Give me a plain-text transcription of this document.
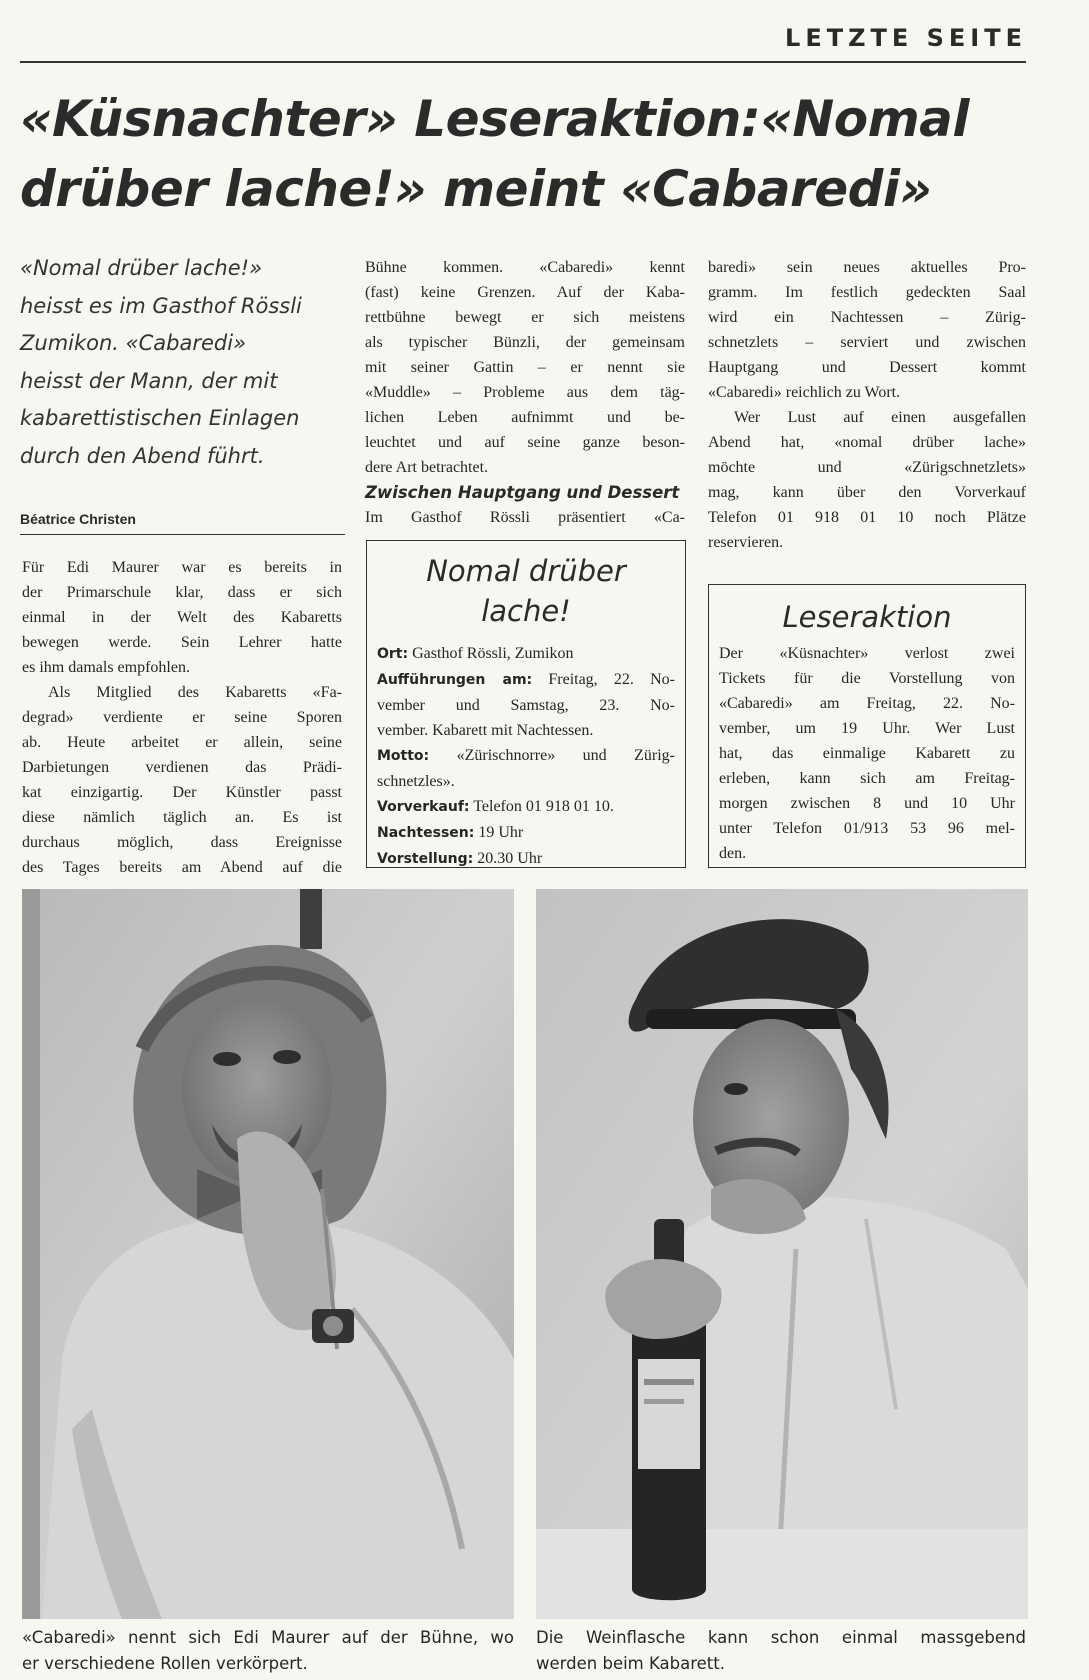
LETZTE SEITE
«Küsnachter» Leseraktion:«Nomal
drüber lache!» meint «Cabaredi»
«Nomal drüber lache!»
heisst es im Gasthof Rössli
Zumikon. «Cabaredi»
heisst der Mann, der mit
kabarettistischen Einlagen
durch den Abend führt.
Béatrice Christen
Für Edi Maurer war es bereits in
der Primarschule klar, dass er sich
einmal in der Welt des Kabaretts
bewegen werde. Sein Lehrer hatte
es ihm damals empfohlen.
Als Mitglied des Kabaretts «Fa-
degrad» verdiente er seine Sporen
ab. Heute arbeitet er allein, seine
Darbietungen verdienen das Prädi-
kat einzigartig. Der Künstler passt
diese nämlich täglich an. Es ist
durchaus möglich, dass Ereignisse
des Tages bereits am Abend auf die
Bühne kommen. «Cabaredi» kennt
(fast) keine Grenzen. Auf der Kaba-
rettbühne bewegt er sich meistens
als typischer Bünzli, der gemeinsam
mit seiner Gattin – er nennt sie
«Muddle» – Probleme aus dem täg-
lichen Leben aufnimmt und be-
leuchtet und auf seine ganze beson-
dere Art betrachtet.
Zwischen Hauptgang und Dessert
Im Gasthof Rössli präsentiert «Ca-
baredi» sein neues aktuelles Pro-
gramm. Im festlich gedeckten Saal
wird ein Nachtessen – Zürig-
schnetzlets – serviert und zwischen
Hauptgang und Dessert kommt
«Cabaredi» reichlich zu Wort.
Wer Lust auf einen ausgefallen
Abend hat, «nomal drüber lache»
möchte und «Zürigschnetzlets»
mag, kann über den Vorverkauf
Telefon 01 918 01 10 noch Plätze
reservieren.
Nomal drüber
lache!
Ort: Gasthof Rössli, Zumikon
Aufführungen am: Freitag, 22. No-
vember und Samstag, 23. No-
vember. Kabarett mit Nachtessen.
Motto: «Zürischnorre» und Zürig-
schnetzles».
Vorverkauf: Telefon 01 918 01 10.
Nachtessen: 19 Uhr
Vorstellung: 20.30 Uhr
Leseraktion
Der «Küsnachter» verlost zwei
Tickets für die Vorstellung von
«Cabaredi» am Freitag, 22. No-
vember, um 19 Uhr. Wer Lust
hat, das einmalige Kabarett zu
erleben, kann sich am Freitag-
morgen zwischen 8 und 10 Uhr
unter Telefon 01/913 53 96 mel-
den.
«Cabaredi» nennt sich Edi Maurer auf der Bühne, wo
er verschiedene Rollen verkörpert.
Die Weinflasche kann schon einmal massgebend
werden beim Kabarett.
